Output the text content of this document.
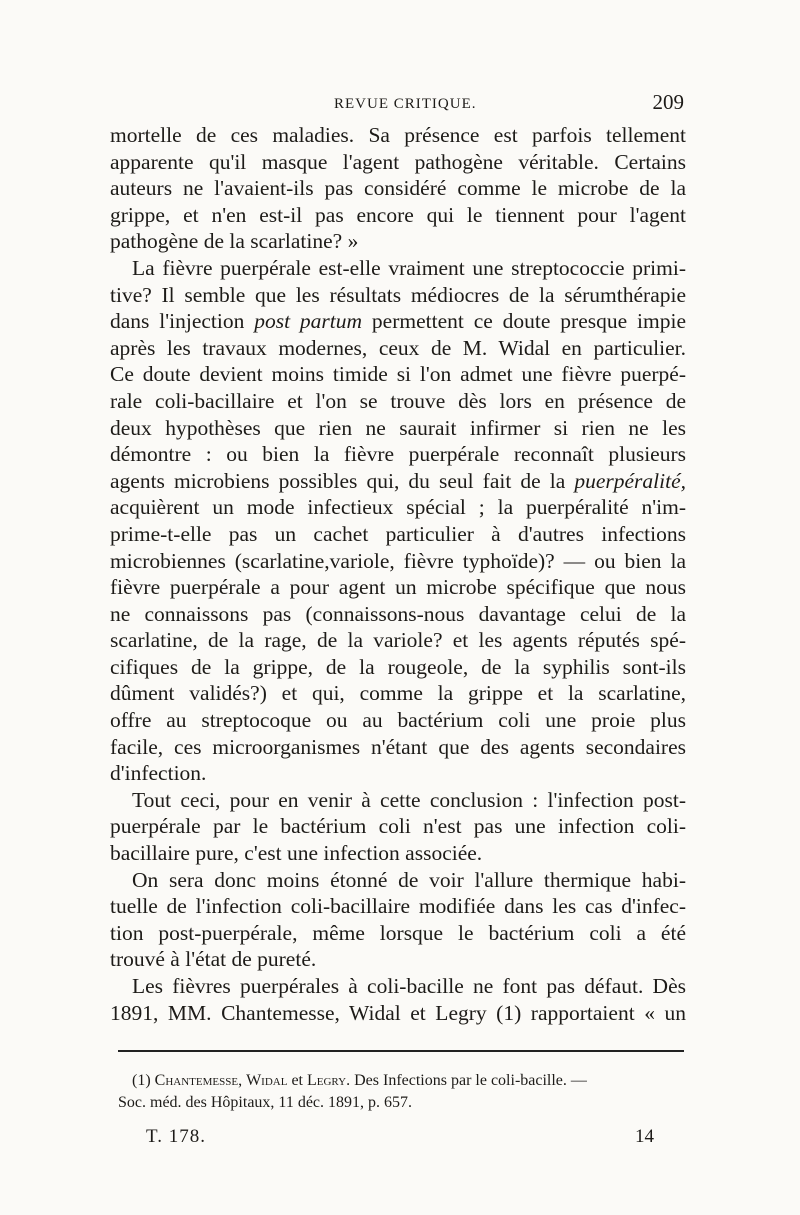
REVUE CRITIQUE.	209
mortelle de ces maladies. Sa présence est parfois tellement
apparente qu'il masque l'agent pathogène véritable. Certains
auteurs ne l'avaient-ils pas considéré comme le microbe de la
grippe, et n'en est-il pas encore qui le tiennent pour l'agent
pathogène de la scarlatine? »
La fièvre puerpérale est-elle vraiment une streptococcie primi-
tive? Il semble que les résultats médiocres de la sérumthérapie
dans l'injection post partum permettent ce doute presque impie
après les travaux modernes, ceux de M. Widal en particulier.
Ce doute devient moins timide si l'on admet une fièvre puerpé-
rale coli-bacillaire et l'on se trouve dès lors en présence de
deux hypothèses que rien ne saurait infirmer si rien ne les
démontre : ou bien la fièvre puerpérale reconnaît plusieurs
agents microbiens possibles qui, du seul fait de la puerpéralité,
acquièrent un mode infectieux spécial ; la puerpéralité n'im-
prime-t-elle pas un cachet particulier à d'autres infections
microbiennes (scarlatine,variole, fièvre typhoïde)? — ou bien la
fièvre puerpérale a pour agent un microbe spécifique que nous
ne connaissons pas (connaissons-nous davantage celui de la
scarlatine, de la rage, de la variole? et les agents réputés spé-
cifiques de la grippe, de la rougeole, de la syphilis sont-ils
dûment validés?) et qui, comme la grippe et la scarlatine,
offre au streptocoque ou au bactérium coli une proie plus
facile, ces microorganismes n'étant que des agents secondaires
d'infection.
Tout ceci, pour en venir à cette conclusion : l'infection post-
puerpérale par le bactérium coli n'est pas une infection coli-
bacillaire pure, c'est une infection associée.
On sera donc moins étonné de voir l'allure thermique habi-
tuelle de l'infection coli-bacillaire modifiée dans les cas d'infec-
tion post-puerpérale, même lorsque le bactérium coli a été
trouvé à l'état de pureté.
Les fièvres puerpérales à coli-bacille ne font pas défaut. Dès
1891, MM. Chantemesse, Widal et Legry (1) rapportaient « un
(1) Chantemesse, Widal et Legry. Des Infections par le coli-bacille. —
Soc. méd. des Hôpitaux, 11 déc. 1891, p. 657.
T. 178.	14
